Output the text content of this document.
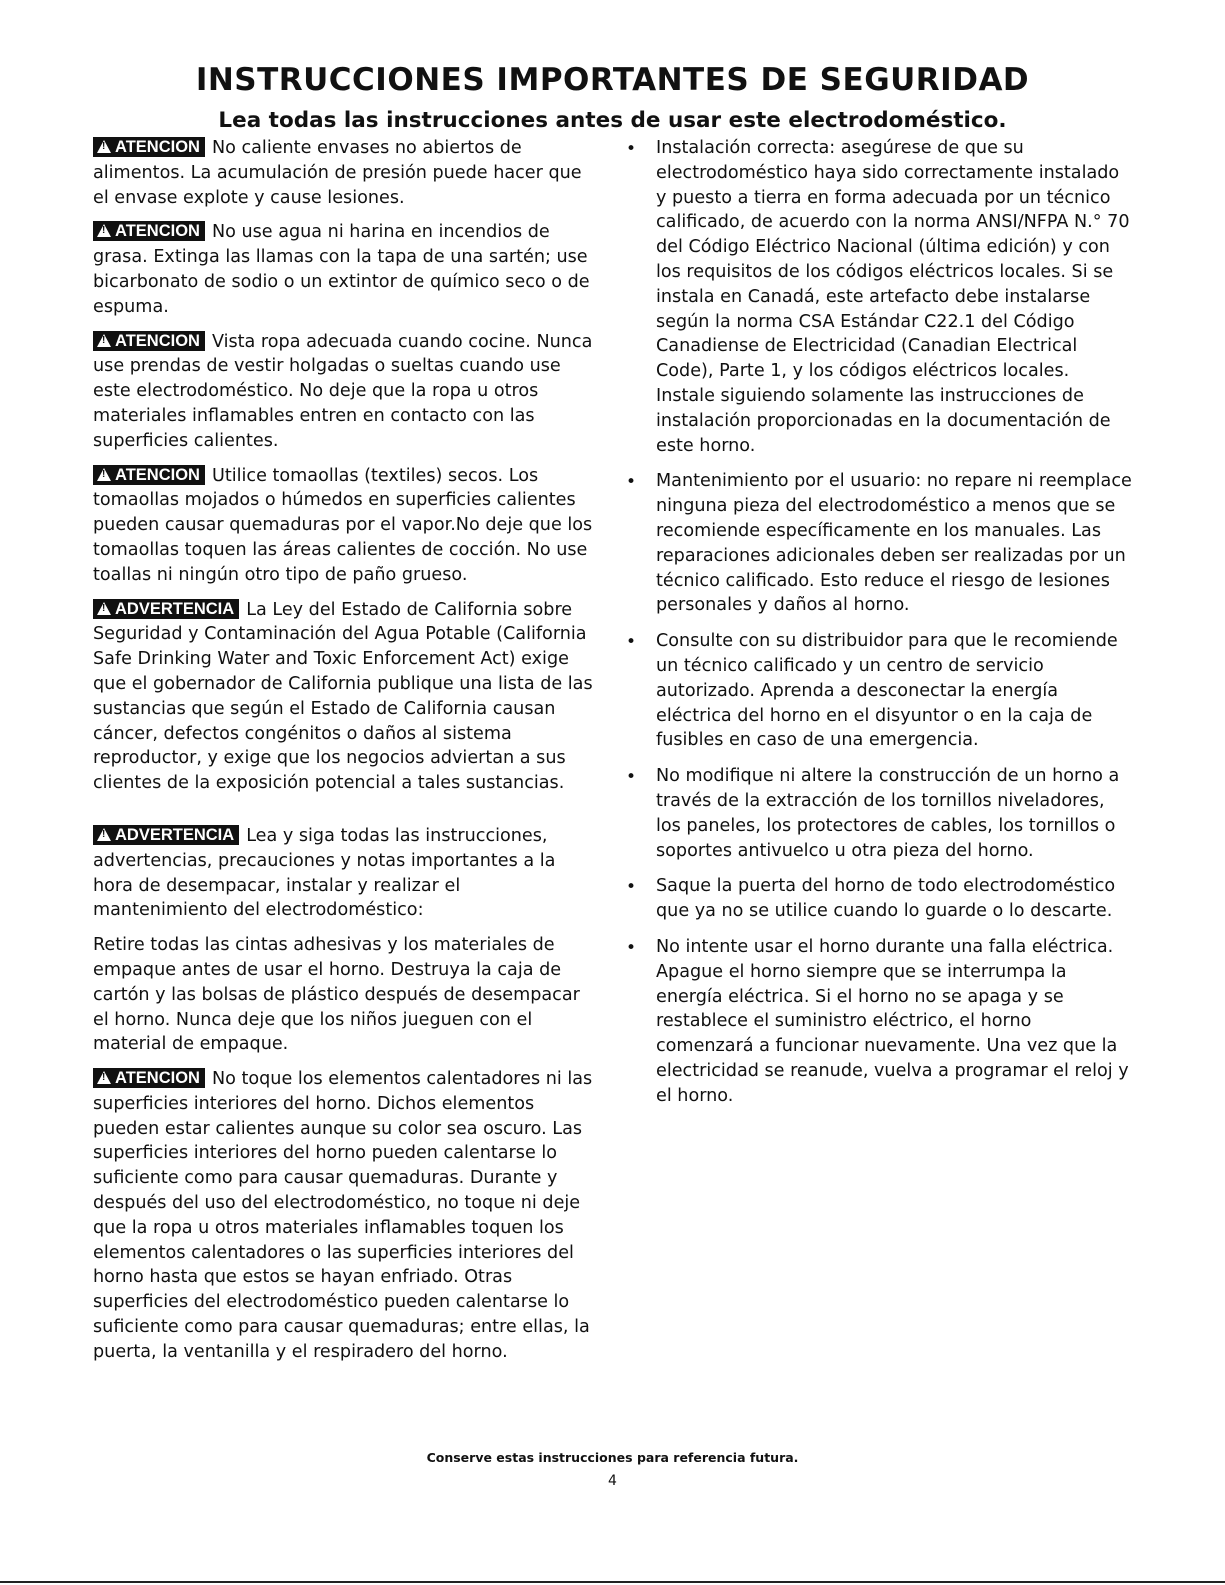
INSTRUCCIONES IMPORTANTES DE SEGURIDAD
Lea todas las instrucciones antes de usar este electrodoméstico.

!ATENCION No caliente envases no abiertos de alimentos. La acumulación de presión puede hacer que el envase explote y cause lesiones.

!ATENCION No use agua ni harina en incendios de grasa. Extinga las llamas con la tapa de una sartén; use bicarbonato de sodio o un extintor de químico seco o de espuma.

!ATENCION Vista ropa adecuada cuando cocine. Nunca use prendas de vestir holgadas o sueltas cuando use este electrodoméstico. No deje que la ropa u otros materiales inflamables entren en contacto con las superficies calientes.

!ATENCION Utilice tomaollas (textiles) secos. Los tomaollas mojados o húmedos en superficies calientes pueden causar quemaduras por el vapor.No deje que los tomaollas toquen las áreas calientes de cocción. No use toallas ni ningún otro tipo de paño grueso.

!ADVERTENCIA La Ley del Estado de California sobre Seguridad y Contaminación del Agua Potable (California Safe Drinking Water and Toxic Enforcement Act) exige que el gobernador de California publique una lista de las sustancias que según el Estado de California causan cáncer, defectos congénitos o daños al sistema reproductor, y exige que los negocios adviertan a sus clientes de la exposición potencial a tales sustancias.

!ADVERTENCIA Lea y siga todas las instrucciones, advertencias, precauciones y notas importantes a la hora de desempacar, instalar y realizar el mantenimiento del electrodoméstico:

Retire todas las cintas adhesivas y los materiales de empaque antes de usar el horno. Destruya la caja de cartón y las bolsas de plástico después de desempacar el horno. Nunca deje que los niños jueguen con el material de empaque.

!ATENCION No toque los elementos calentadores ni las superficies interiores del horno. Dichos elementos pueden estar calientes aunque su color sea oscuro. Las superficies interiores del horno pueden calentarse lo suficiente como para causar quemaduras. Durante y después del uso del electrodoméstico, no toque ni deje que la ropa u otros materiales inflamables toquen los elementos calentadores o las superficies interiores del horno hasta que estos se hayan enfriado. Otras superficies del electrodoméstico pueden calentarse lo suficiente como para causar quemaduras; entre ellas, la puerta, la ventanilla y el respiradero del horno.

• Instalación correcta: asegúrese de que su electrodoméstico haya sido correctamente instalado y puesto a tierra en forma adecuada por un técnico calificado, de acuerdo con la norma ANSI/NFPA N.° 70 del Código Eléctrico Nacional (última edición) y con los requisitos de los códigos eléctricos locales. Si se instala en Canadá, este artefacto debe instalarse según la norma CSA Estándar C22.1 del Código Canadiense de Electricidad (Canadian Electrical Code), Parte 1, y los códigos eléctricos locales. Instale siguiendo solamente las instrucciones de instalación proporcionadas en la documentación de este horno.
• Mantenimiento por el usuario: no repare ni reemplace ninguna pieza del electrodoméstico a menos que se recomiende específicamente en los manuales. Las reparaciones adicionales deben ser realizadas por un técnico calificado. Esto reduce el riesgo de lesiones personales y daños al horno.
• Consulte con su distribuidor para que le recomiende un técnico calificado y un centro de servicio autorizado. Aprenda a desconectar la energía eléctrica del horno en el disyuntor o en la caja de fusibles en caso de una emergencia.
• No modifique ni altere la construcción de un horno a través de la extracción de los tornillos niveladores, los paneles, los protectores de cables, los tornillos o soportes antivuelco u otra pieza del horno.
• Saque la puerta del horno de todo electrodoméstico que ya no se utilice cuando lo guarde o lo descarte.
• No intente usar el horno durante una falla eléctrica. Apague el horno siempre que se interrumpa la energía eléctrica. Si el horno no se apaga y se restablece el suministro eléctrico, el horno comenzará a funcionar nuevamente. Una vez que la electricidad se reanude, vuelva a programar el reloj y el horno.
Conserve estas instrucciones para referencia futura.
4
